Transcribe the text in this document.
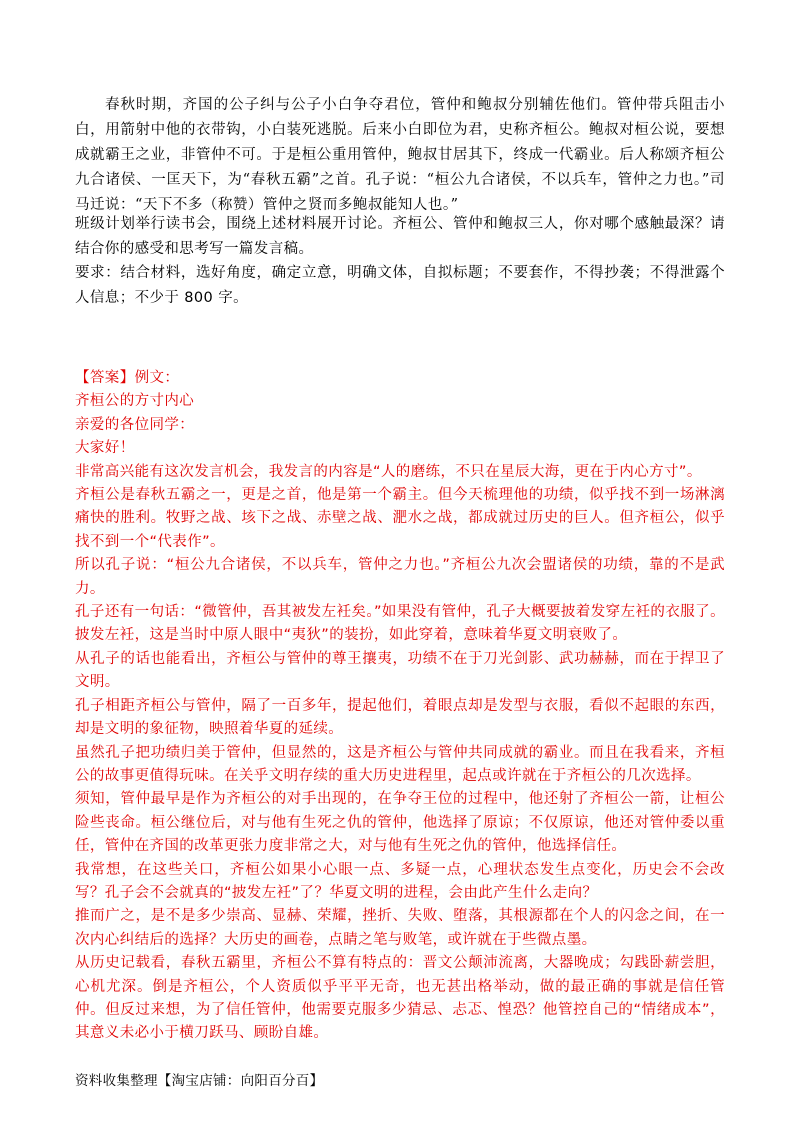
春秋时期，齐国的公子纠与公子小白争夺君位，管仲和鲍叔分别辅佐他们。管仲带兵阻击小白，用箭射中他的衣带钩，小白装死逃脱。后来小白即位为君，史称齐桓公。鲍叔对桓公说，要想成就霸王之业，非管仲不可。于是桓公重用管仲，鲍叔甘居其下，终成一代霸业。后人称颂齐桓公九合诸侯、一匡天下，为“春秋五霸”之首。孔子说：“桓公九合诸侯，不以兵车，管仲之力也。”司马迁说：“天下不多（称赞）管仲之贤而多鲍叔能知人也。”

班级计划举行读书会，围绕上述材料展开讨论。齐桓公、管仲和鲍叔三人，你对哪个感触最深？请结合你的感受和思考写一篇发言稿。

要求：结合材料，选好角度，确定立意，明确文体，自拟标题；不要套作，不得抄袭；不得泄露个人信息；不少于 800 字。

【答案】例文：

齐桓公的方寸内心

亲爱的各位同学：

大家好！

非常高兴能有这次发言机会，我发言的内容是“人的磨练，不只在星辰大海，更在于内心方寸”。

齐桓公是春秋五霸之一，更是之首，他是第一个霸主。但今天梳理他的功绩，似乎找不到一场淋漓痛快的胜利。牧野之战、垓下之战、赤壁之战、淝水之战，都成就过历史的巨人。但齐桓公，似乎找不到一个“代表作”。

所以孔子说：“桓公九合诸侯，不以兵车，管仲之力也。”齐桓公九次会盟诸侯的功绩，靠的不是武力。

孔子还有一句话：“微管仲，吾其被发左衽矣。”如果没有管仲，孔子大概要披着发穿左衽的衣服了。披发左衽，这是当时中原人眼中“夷狄”的装扮，如此穿着，意味着华夏文明衰败了。

从孔子的话也能看出，齐桓公与管仲的尊王攘夷，功绩不在于刀光剑影、武功赫赫，而在于捍卫了文明。

孔子相距齐桓公与管仲，隔了一百多年，提起他们，着眼点却是发型与衣服，看似不起眼的东西，却是文明的象征物，映照着华夏的延续。

虽然孔子把功绩归美于管仲，但显然的，这是齐桓公与管仲共同成就的霸业。而且在我看来，齐桓公的故事更值得玩味。在关乎文明存续的重大历史进程里，起点或许就在于齐桓公的几次选择。

须知，管仲最早是作为齐桓公的对手出现的，在争夺王位的过程中，他还射了齐桓公一箭，让桓公险些丧命。桓公继位后，对与他有生死之仇的管仲，他选择了原谅；不仅原谅，他还对管仲委以重任，管仲在齐国的改革更张力度非常之大，对与他有生死之仇的管仲，他选择信任。

我常想，在这些关口，齐桓公如果小心眼一点、多疑一点，心理状态发生点变化，历史会不会改写？孔子会不会就真的“披发左衽”了？华夏文明的进程，会由此产生什么走向？

推而广之，是不是多少崇高、显赫、荣耀，挫折、失败、堕落，其根源都在个人的闪念之间，在一次内心纠结后的选择？大历史的画卷，点睛之笔与败笔，或许就在于些微点墨。

从历史记载看，春秋五霸里，齐桓公不算有特点的：晋文公颠沛流离，大器晚成；勾践卧薪尝胆，心机尤深。倒是齐桓公，个人资质似乎平平无奇，也无甚出格举动，做的最正确的事就是信任管仲。但反过来想，为了信任管仲，他需要克服多少猜忌、忐忑、惶恐？他管控自己的“情绪成本”，其意义未必小于横刀跃马、顾盼自雄。

资料收集整理【淘宝店铺：向阳百分百】
